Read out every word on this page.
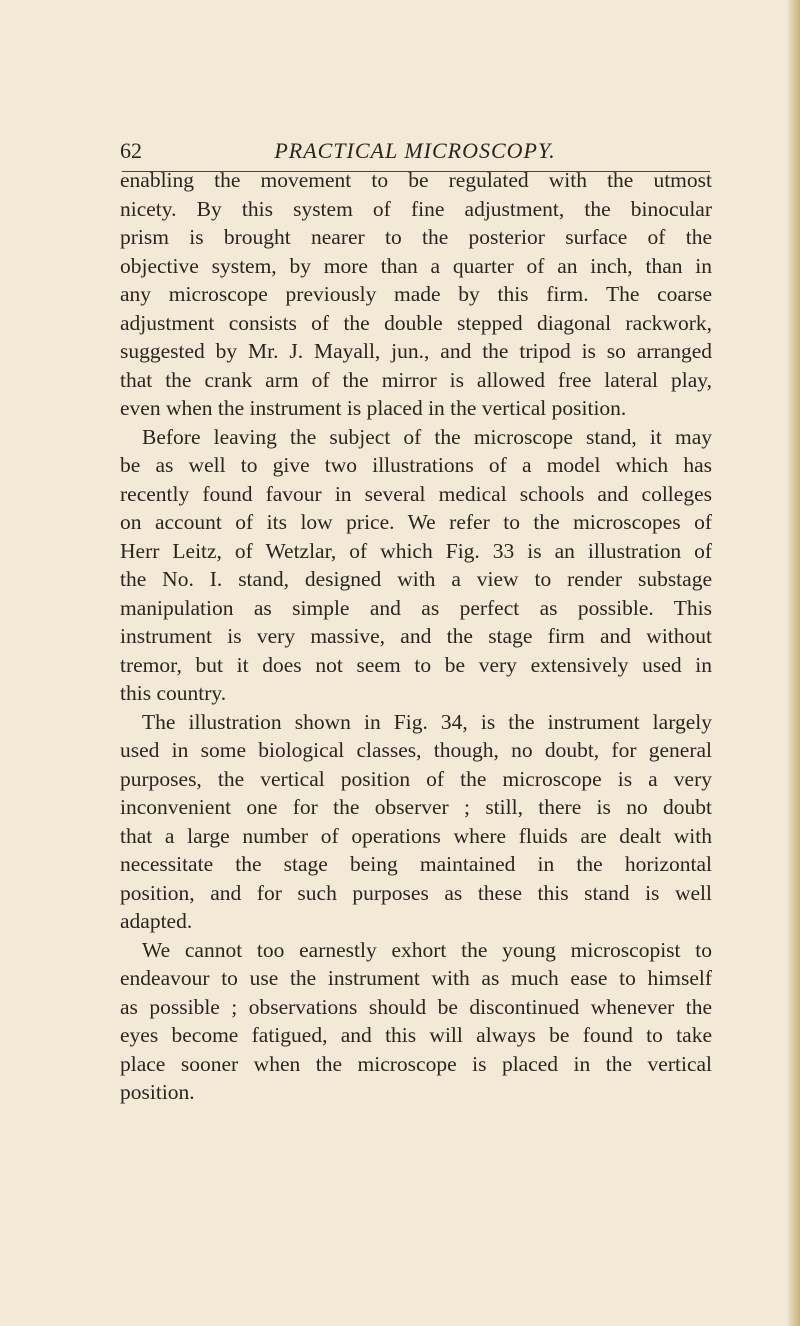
62	PRACTICAL MICROSCOPY.
enabling the movement to be regulated with the utmost
nicety. By this system of fine adjustment, the binocular
prism is brought nearer to the posterior surface of the
objective system, by more than a quarter of an inch, than in
any microscope previously made by this firm. The coarse
adjustment consists of the double stepped diagonal rackwork,
suggested by Mr. J. Mayall, jun., and the tripod is so arranged
that the crank arm of the mirror is allowed free lateral play,
even when the instrument is placed in the vertical position.
Before leaving the subject of the microscope stand, it may
be as well to give two illustrations of a model which has
recently found favour in several medical schools and colleges
on account of its low price. We refer to the microscopes of
Herr Leitz, of Wetzlar, of which Fig. 33 is an illustration of
the No. I. stand, designed with a view to render substage
manipulation as simple and as perfect as possible. This
instrument is very massive, and the stage firm and without
tremor, but it does not seem to be very extensively used in
this country.
The illustration shown in Fig. 34, is the instrument largely
used in some biological classes, though, no doubt, for general
purposes, the vertical position of the microscope is a very
inconvenient one for the observer ; still, there is no doubt
that a large number of operations where fluids are dealt with
necessitate the stage being maintained in the horizontal
position, and for such purposes as these this stand is well
adapted.
We cannot too earnestly exhort the young microscopist to
endeavour to use the instrument with as much ease to himself
as possible ; observations should be discontinued whenever the
eyes become fatigued, and this will always be found to take
place sooner when the microscope is placed in the vertical
position.
